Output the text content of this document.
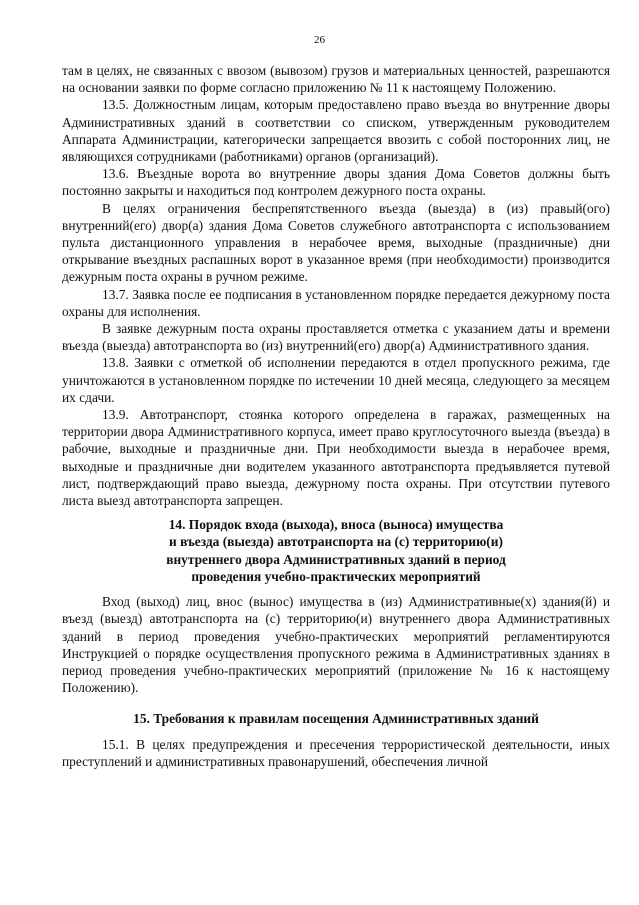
26

там в целях, не связанных с ввозом (вывозом) грузов и материальных ценностей, разрешаются на основании заявки по форме согласно приложению № 11 к настоящему Положению.

13.5. Должностным лицам, которым предоставлено право въезда во внутренние дворы Административных зданий в соответствии со списком, утвержденным руководителем Аппарата Администрации, категорически запрещается ввозить с собой посторонних лиц, не являющихся сотрудниками (работниками) органов (организаций).

13.6. Въездные ворота во внутренние дворы здания Дома Советов должны быть постоянно закрыты и находиться под контролем дежурного поста охраны.

В целях ограничения беспрепятственного въезда (выезда) в (из) правый(ого) внутренний(его) двор(а) здания Дома Советов служебного автотранспорта с использованием пульта дистанционного управления в нерабочее время, выходные (праздничные) дни открывание въездных распашных ворот в указанное время (при необходимости) производится дежурным поста охраны в ручном режиме.

13.7. Заявка после ее подписания в установленном порядке передается дежурному поста охраны для исполнения.

В заявке дежурным поста охраны проставляется отметка с указанием даты и времени въезда (выезда) автотранспорта во (из) внутренний(его) двор(а) Административного здания.

13.8. Заявки с отметкой об исполнении передаются в отдел пропускного режима, где уничтожаются в установленном порядке по истечении 10 дней месяца, следующего за месяцем их сдачи.

13.9. Автотранспорт, стоянка которого определена в гаражах, размещенных на территории двора Административного корпуса, имеет право круглосуточного выезда (въезда) в рабочие, выходные и праздничные дни. При необходимости выезда в нерабочее время, выходные и праздничные дни водителем указанного автотранспорта предъявляется путевой лист, подтверждающий право выезда, дежурному поста охраны. При отсутствии путевого листа выезд автотранспорта запрещен.

14. Порядок входа (выхода), вноса (выноса) имущества
и въезда (выезда) автотранспорта на (с) территорию(и)
внутреннего двора Административных зданий в период
проведения учебно-практических мероприятий

Вход (выход) лиц, внос (вынос) имущества в (из) Административные(х) здания(й) и въезд (выезд) автотранспорта на (с) территорию(и) внутреннего двора Административных зданий в период проведения учебно-практических мероприятий регламентируются Инструкцией о порядке осуществления пропускного режима в Административных зданиях в период проведения учебно-практических мероприятий (приложение № 16 к настоящему Положению).

15. Требования к правилам посещения Административных зданий

15.1. В целях предупреждения и пресечения террористической деятельности, иных преступлений и административных правонарушений, обеспечения личной
